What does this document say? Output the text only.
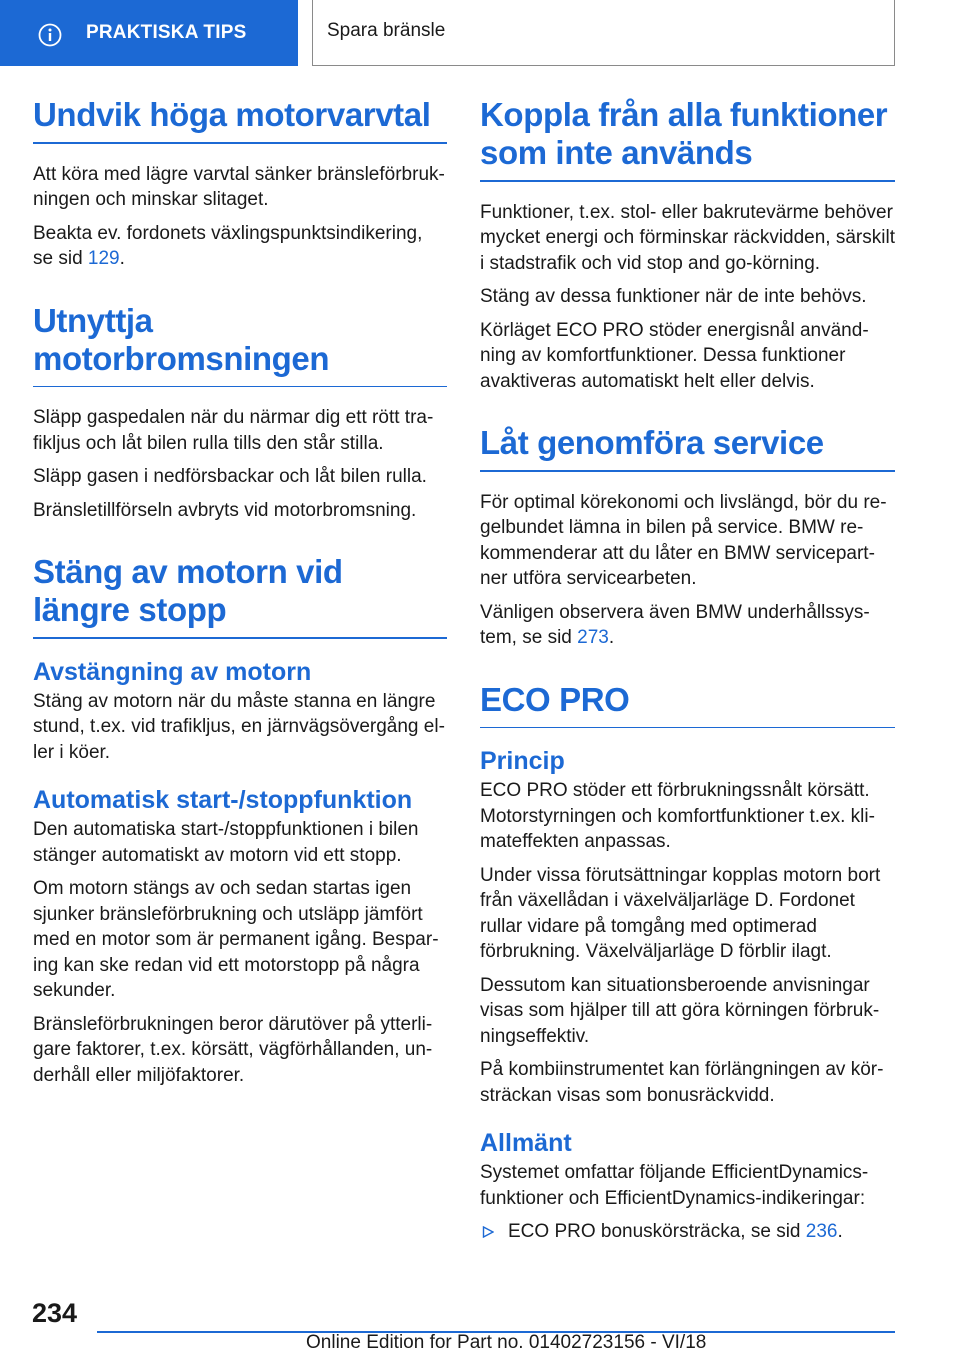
PRAKTISKA TIPS	Spara bränsle
Undvik höga motorvarvtal

Att köra med lägre varvtal sänker bränsleförbrukningen och minskar slitaget.

Beakta ev. fordonets växlingspunktsindikering, se sid 129.

Utnyttja motorbromsningen

Släpp gaspedalen när du närmar dig ett rött trafikljus och låt bilen rulla tills den står stilla.

Släpp gasen i nedförsbackar och låt bilen rulla.

Bränsletillförseln avbryts vid motorbromsning.

Stäng av motorn vid längre stopp
Avstängning av motorn

Stäng av motorn när du måste stanna en längre stund, t.ex. vid trafikljus, en järnvägsövergång eller i köer.

Automatisk start-/stoppfunktion

Den automatiska start-/stoppfunktionen i bilen stänger automatiskt av motorn vid ett stopp.

Om motorn stängs av och sedan startas igen sjunker bränsleförbrukning och utsläpp jämfört med en motor som är permanent igång. Besparing kan ske redan vid ett motorstopp på några sekunder.

Bränsleförbrukningen beror därutöver på ytterligare faktorer, t.ex. körsätt, vägförhållanden, underhåll eller miljöfaktorer.

Koppla från alla funktioner som inte används

Funktioner, t.ex. stol- eller bakrutevärme behöver mycket energi och förminskar räckvidden, särskilt i stadstrafik och vid stop and go-körning.

Stäng av dessa funktioner när de inte behövs.

Körläget ECO PRO stöder energisnål användning av komfortfunktioner. Dessa funktioner avaktiveras automatiskt helt eller delvis.

Låt genomföra service

För optimal körekonomi och livslängd, bör du regelbundet lämna in bilen på service. BMW rekommenderar att du låter en BMW servicepartner utföra servicearbeten.

Vänligen observera även BMW underhållssystem, se sid 273.

ECO PRO
Princip

ECO PRO stöder ett förbrukningssnålt körsätt. Motorstyrningen och komfortfunktioner t.ex. klimateffekten anpassas.

Under vissa förutsättningar kopplas motorn bort från växellådan i växelväljarläge D. Fordonet rullar vidare på tomgång med optimerad förbrukning. Växelväljarläge D förblir ilagt.

Dessutom kan situationsberoende anvisningar visas som hjälper till att göra körningen förbrukningseffektiv.

På kombiinstrumentet kan förlängningen av körsträckan visas som bonusräckvidd.

Allmänt

Systemet omfattar följande EfficientDynamics-funktioner och EfficientDynamics-indikeringar:

ECO PRO bonuskörsträcka, se sid 236.
234
Online Edition for Part no. 01402723156 - VI/18
